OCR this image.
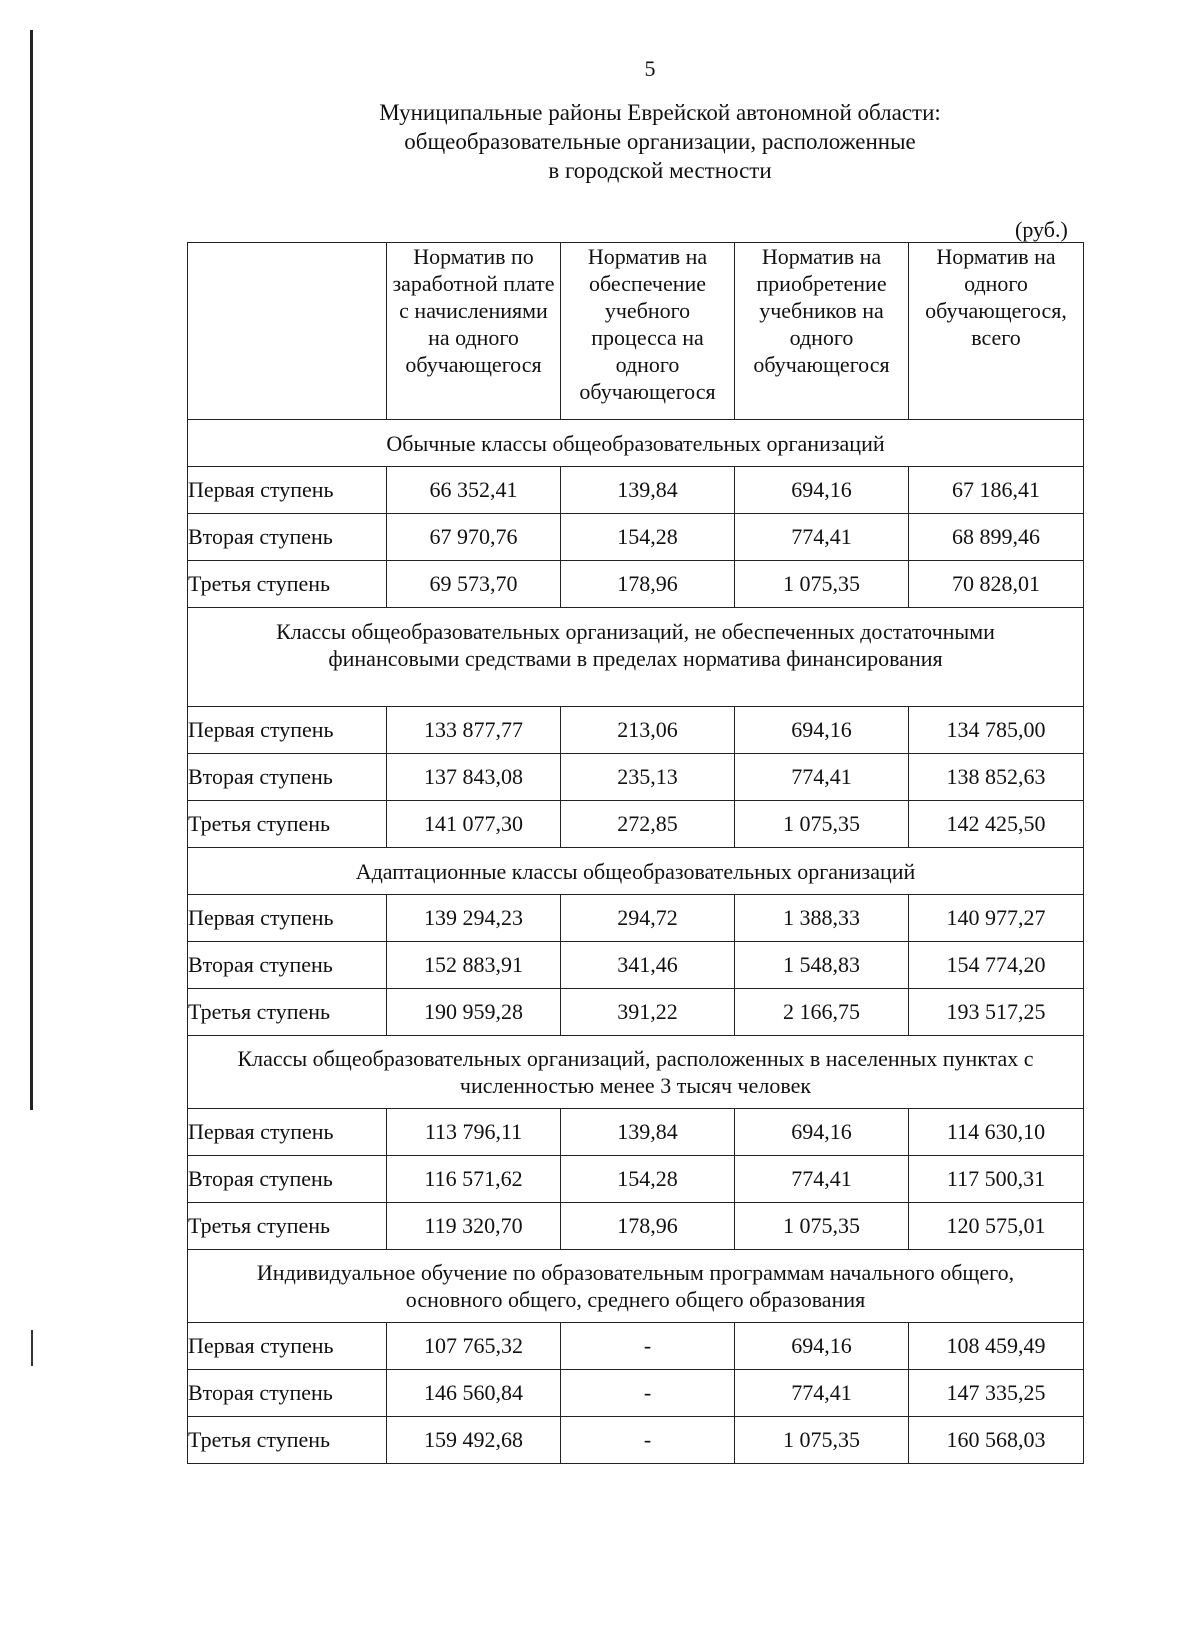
5
Муниципальные районы Еврейской автономной области:
общеобразовательные организации, расположенные
в городской местности
(руб.)

	Норматив по заработной плате с начислениями на одного обучающегося	Норматив на обеспечение учебного процесса на одного обучающегося	Норматив на приобретение учебников на одного обучающегося	Норматив на одного обучающегося, всего

Обычные классы общеобразовательных организаций				
Первая ступень	66 352,41	139,84	694,16	67 186,41
Вторая ступень	67 970,76	154,28	774,41	68 899,46
Третья ступень	69 573,70	178,96	1 075,35	70 828,01
Классы общеобразовательных организаций, не обеспеченных достаточными финансовыми средствами в пределах норматива финансирования				
Первая ступень	133 877,77	213,06	694,16	134 785,00
Вторая ступень	137 843,08	235,13	774,41	138 852,63
Третья ступень	141 077,30	272,85	1 075,35	142 425,50
Адаптационные классы общеобразовательных организаций				
Первая ступень	139 294,23	294,72	1 388,33	140 977,27
Вторая ступень	152 883,91	341,46	1 548,83	154 774,20
Третья ступень	190 959,28	391,22	2 166,75	193 517,25
Классы общеобразовательных организаций, расположенных в населенных пунктах с численностью менее 3 тысяч человек				
Первая ступень	113 796,11	139,84	694,16	114 630,10
Вторая ступень	116 571,62	154,28	774,41	117 500,31
Третья ступень	119 320,70	178,96	1 075,35	120 575,01
Индивидуальное обучение по образовательным программам начального общего, основного общего, среднего общего образования				
Первая ступень	107 765,32	-	694,16	108 459,49
Вторая ступень	146 560,84	-	774,41	147 335,25
Третья ступень	159 492,68	-	1 075,35	160 568,03
